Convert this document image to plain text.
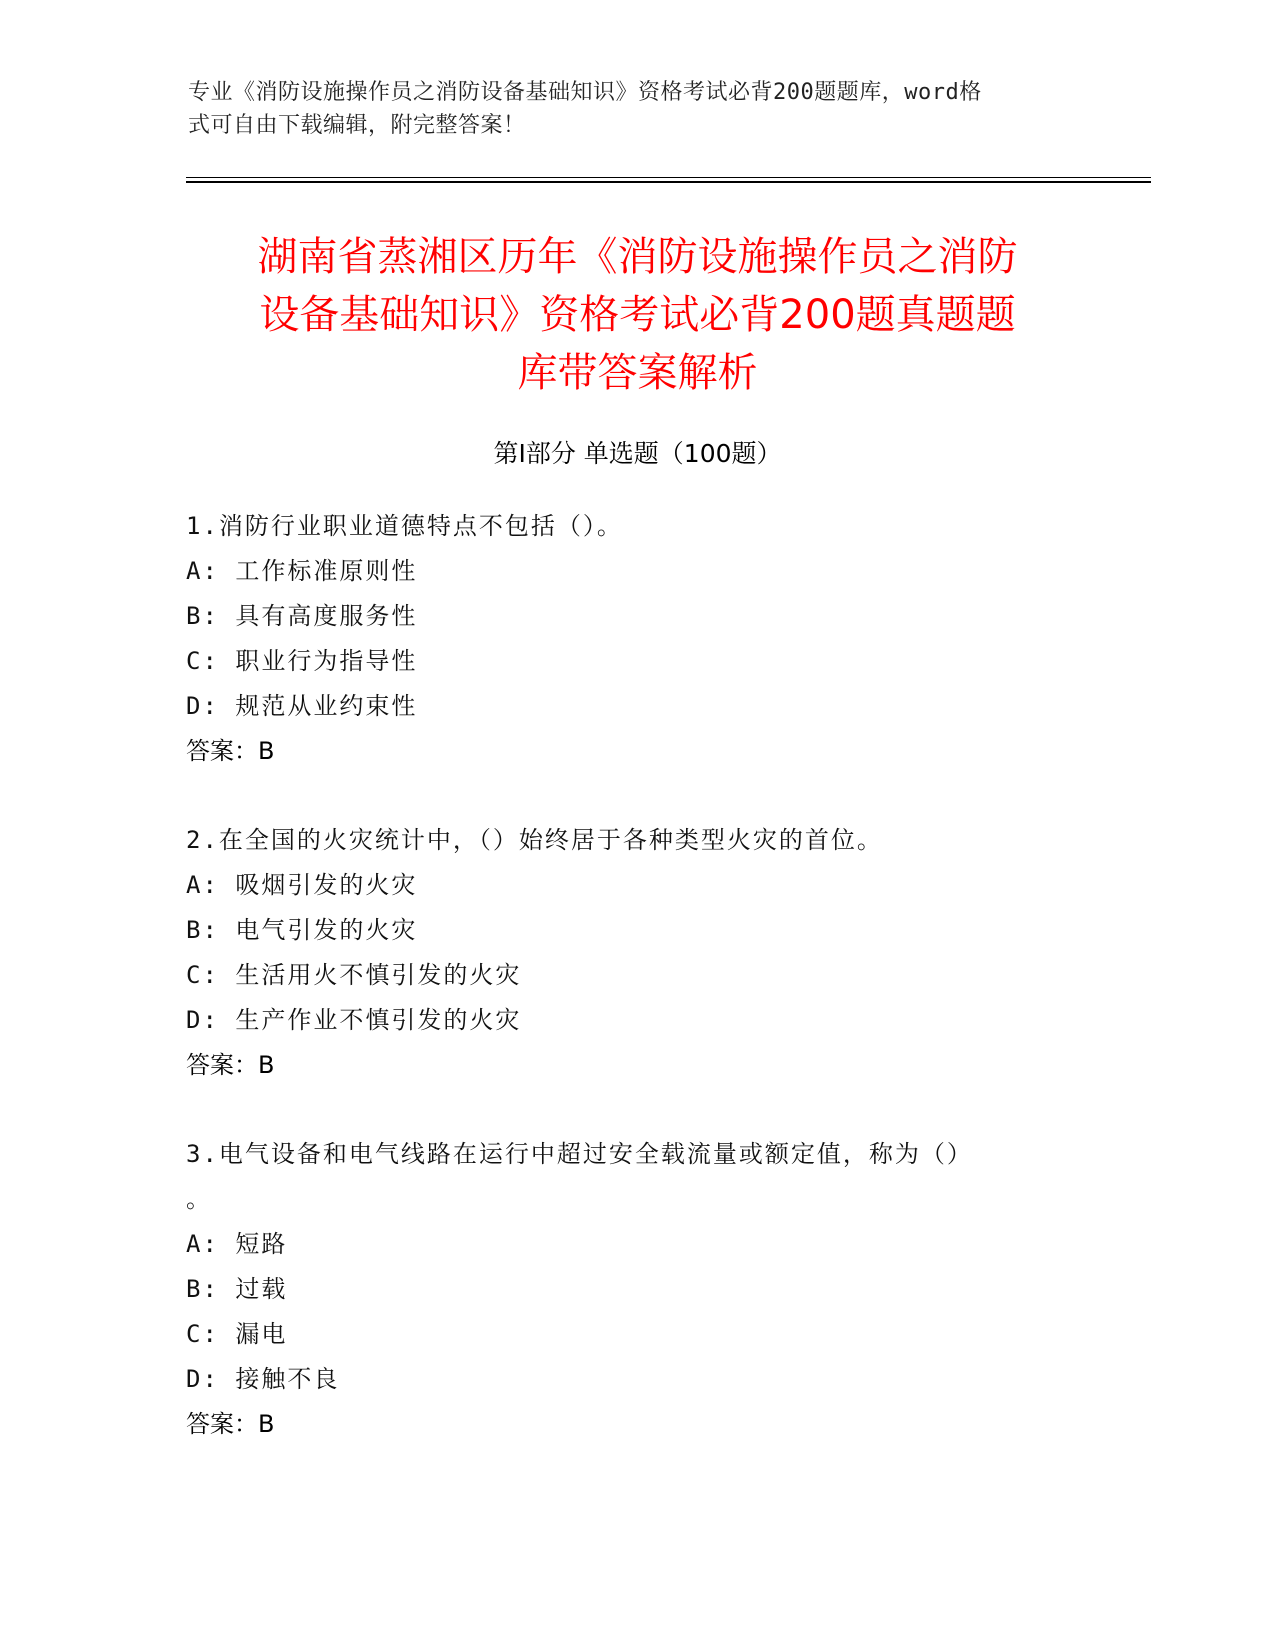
专业《消防设施操作员之消防设备基础知识》资格考试必背200题题库，word格
式可自由下载编辑，附完整答案！
湖南省蒸湘区历年《消防设施操作员之消防
设备基础知识》资格考试必背200题真题题
库带答案解析
第I部分 单选题（100题）
1.消防行业职业道德特点不包括（）。
A: 工作标准原则性
B: 具有高度服务性
C: 职业行为指导性
D: 规范从业约束性
答案：B
2.在全国的火灾统计中，（）始终居于各种类型火灾的首位。
A: 吸烟引发的火灾
B: 电气引发的火灾
C: 生活用火不慎引发的火灾
D: 生产作业不慎引发的火灾
答案：B
3.电气设备和电气线路在运行中超过安全载流量或额定值，称为（）
。
A: 短路
B: 过载
C: 漏电
D: 接触不良
答案：B
